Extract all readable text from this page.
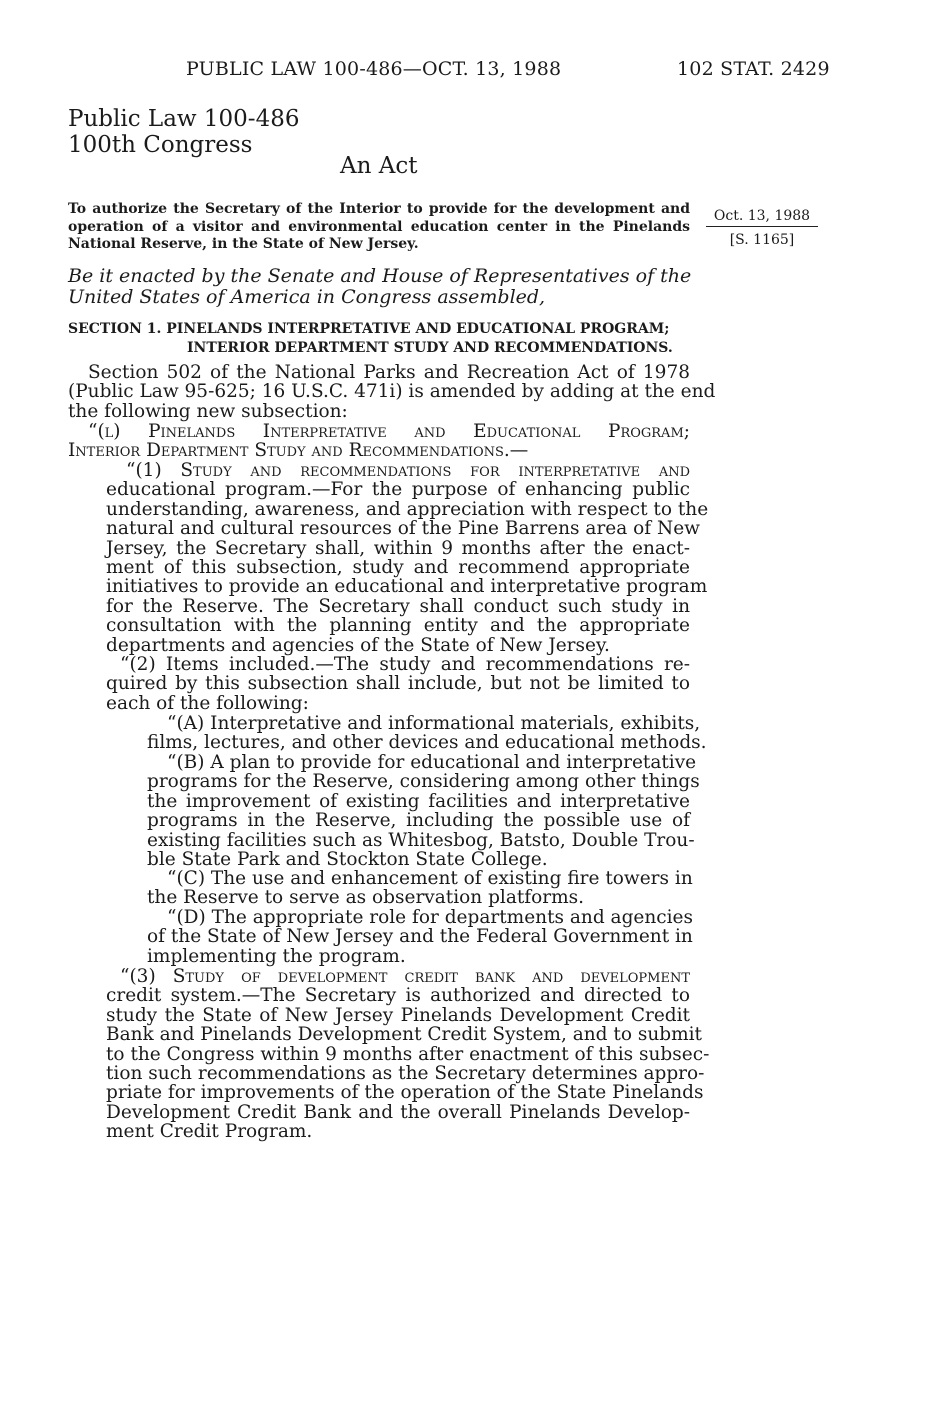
PUBLIC LAW 100-486—OCT. 13, 1988	102 STAT. 2429
Public Law 100-486
100th Congress
An Act
To authorize the Secretary of the Interior to provide for the development and
operation of a visitor and environmental education center in the Pinelands
National Reserve, in the State of New Jersey.
Oct. 13, 1988
[S. 1165]
Be it enacted by the Senate and House of Representatives of the
United States of America in Congress assembled,
SECTION 1. PINELANDS INTERPRETATIVE AND EDUCATIONAL PROGRAM;
INTERIOR DEPARTMENT STUDY AND RECOMMENDATIONS.
Section 502 of the National Parks and Recreation Act of 1978
(Public Law 95-625; 16 U.S.C. 471i) is amended by adding at the end
the following new subsection:
“(l) Pinelands Interpretative and Educational Program;
Interior Department Study and Recommendations.—
“(1) Study and recommendations for interpretative and
educational program.—For the purpose of enhancing public
understanding, awareness, and appreciation with respect to the
natural and cultural resources of the Pine Barrens area of New
Jersey, the Secretary shall, within 9 months after the enact-
ment of this subsection, study and recommend appropriate
initiatives to provide an educational and interpretative program
for the Reserve. The Secretary shall conduct such study in
consultation with the planning entity and the appropriate
departments and agencies of the State of New Jersey.
“(2) Items included.—The study and recommendations re-
quired by this subsection shall include, but not be limited to
each of the following:
“(A) Interpretative and informational materials, exhibits,
films, lectures, and other devices and educational methods.
“(B) A plan to provide for educational and interpretative
programs for the Reserve, considering among other things
the improvement of existing facilities and interpretative
programs in the Reserve, including the possible use of
existing facilities such as Whitesbog, Batsto, Double Trou-
ble State Park and Stockton State College.
“(C) The use and enhancement of existing fire towers in
the Reserve to serve as observation platforms.
“(D) The appropriate role for departments and agencies
of the State of New Jersey and the Federal Government in
implementing the program.
“(3) Study of development credit bank and development
credit system.—The Secretary is authorized and directed to
study the State of New Jersey Pinelands Development Credit
Bank and Pinelands Development Credit System, and to submit
to the Congress within 9 months after enactment of this subsec-
tion such recommendations as the Secretary determines appro-
priate for improvements of the operation of the State Pinelands
Development Credit Bank and the overall Pinelands Develop-
ment Credit Program.
